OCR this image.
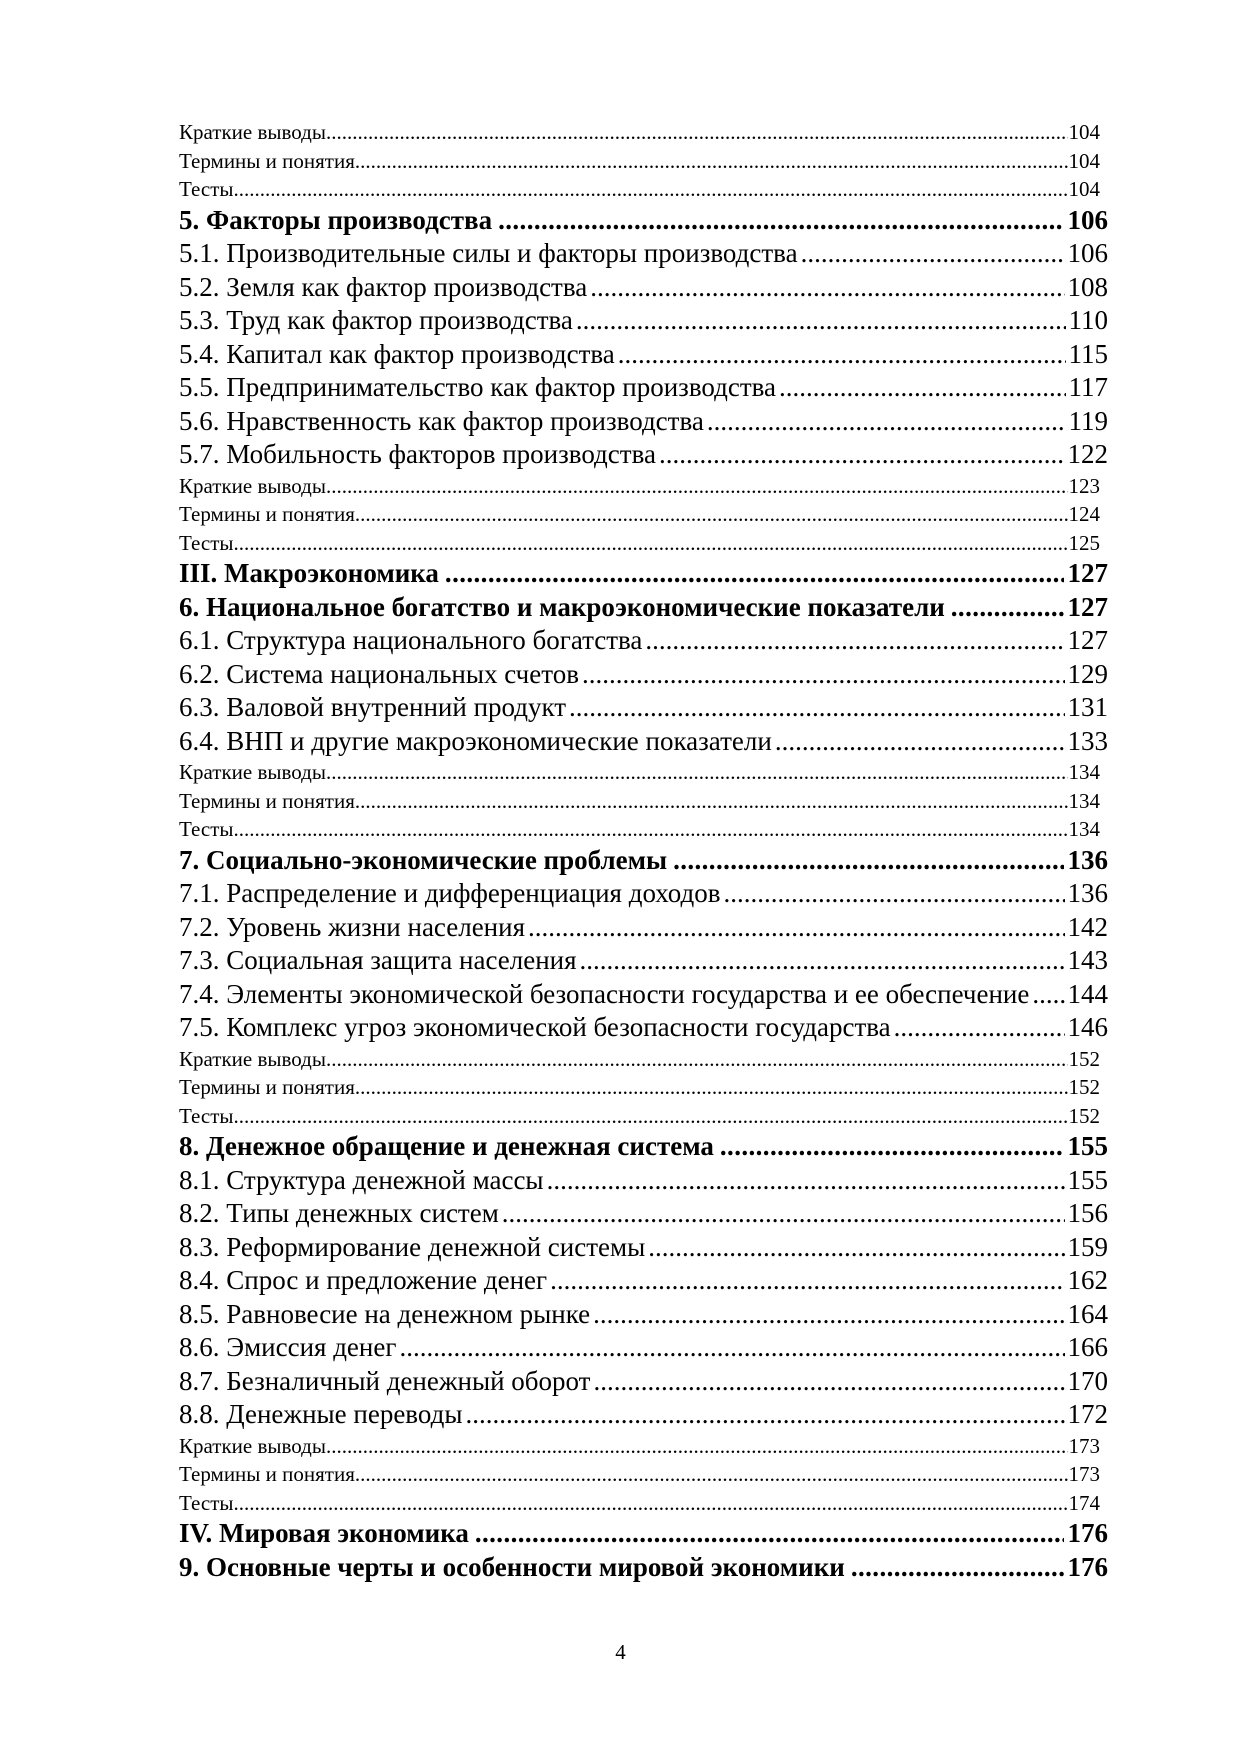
Краткие выводы .....	104
Термины и понятия .....	104
Тесты .....	104
5. Факторы производства .....	106
5.1. Производительные силы и факторы производства .....	106
5.2. Земля как фактор производства .....	108
5.3. Труд как фактор производства .....	110
5.4. Капитал как фактор производства .....	115
5.5. Предпринимательство как фактор производства .....	117
5.6. Нравственность как фактор производства .....	119
5.7. Мобильность факторов производства .....	122
Краткие выводы .....	123
Термины и понятия .....	124
Тесты .....	125
III. Макроэкономика .....	127
6. Национальное богатство и макроэкономические показатели .....	127
6.1. Структура национального богатства .....	127
6.2. Система национальных счетов .....	129
6.3. Валовой внутренний продукт .....	131
6.4. ВНП и другие макроэкономические показатели .....	133
Краткие выводы .....	134
Термины и понятия .....	134
Тесты .....	134
7. Социально-экономические проблемы .....	136
7.1. Распределение и дифференциация доходов .....	136
7.2. Уровень жизни населения .....	142
7.3. Социальная защита населения .....	143
7.4. Элементы экономической безопасности государства и ее обеспечение ..... 144
7.5. Комплекс угроз экономической безопасности государства .....	146
Краткие выводы .....	152
Термины и понятия .....	152
Тесты .....	152
8. Денежное обращение и денежная система .....	155
8.1. Структура денежной массы .....	155
8.2. Типы денежных систем .....	156
8.3. Реформирование денежной системы .....	159
8.4. Спрос и предложение денег .....	162
8.5. Равновесие на денежном рынке .....	164
8.6. Эмиссия денег .....	166
8.7. Безналичный денежный оборот .....	170
8.8. Денежные переводы .....	172
Краткие выводы .....	173
Термины и понятия .....	173
Тесты .....	174
IV. Мировая экономика .....	176
9. Основные черты и особенности мировой экономики .....	176
4
